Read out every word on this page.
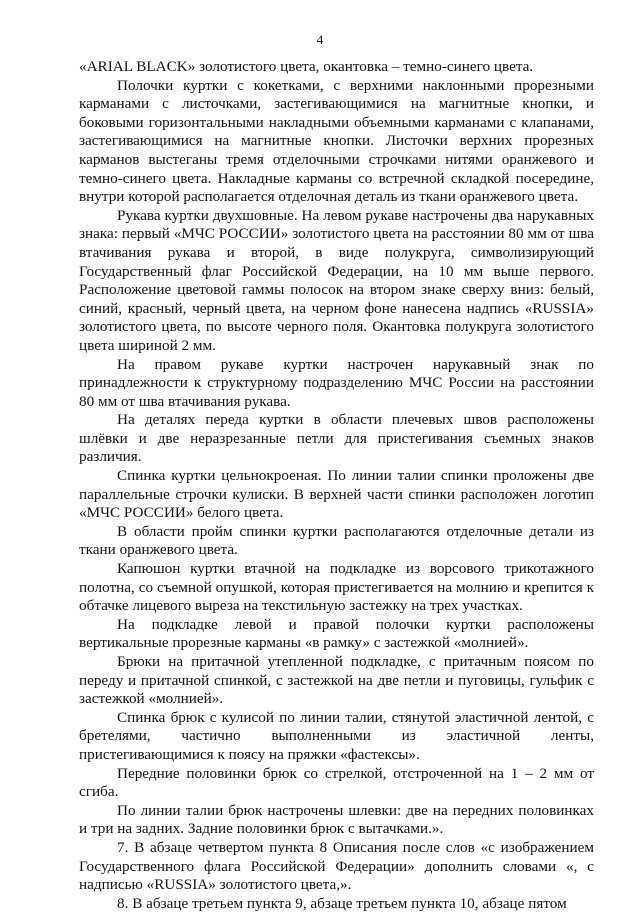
4

«ARIAL BLACK» золотистого цвета, окантовка – темно-синего цвета.

Полочки куртки с кокетками, с верхними наклонными прорезными карманами с листочками, застегивающимися на магнитные кнопки, и боковыми горизонтальными накладными объемными карманами с клапанами, застегивающимися на магнитные кнопки. Листочки верхних прорезных карманов выстеганы тремя отделочными строчками нитями оранжевого и темно-синего цвета. Накладные карманы со встречной складкой посередине, внутри которой располагается отделочная деталь из ткани оранжевого цвета.

Рукава куртки двухшовные. На левом рукаве настрочены два нарукавных знака: первый «МЧС РОССИИ» золотистого цвета на расстоянии 80 мм от шва втачивания рукава и второй, в виде полукруга, символизирующий Государственный флаг Российской Федерации, на 10 мм выше первого. Расположение цветовой гаммы полосок на втором знаке сверху вниз: белый, синий, красный, черный цвета, на черном фоне нанесена надпись «RUSSIA» золотистого цвета, по высоте черного поля. Окантовка полукруга золотистого цвета шириной 2 мм.

На правом рукаве куртки настрочен нарукавный знак по принадлежности к структурному подразделению МЧС России на расстоянии 80 мм от шва втачивания рукава.

На деталях переда куртки в области плечевых швов расположены шлёвки и две неразрезанные петли для пристегивания съемных знаков различия.

Спинка куртки цельнокроеная. По линии талии спинки проложены две параллельные строчки кулиски. В верхней части спинки расположен логотип «МЧС РОССИИ» белого цвета.

В области пройм спинки куртки располагаются отделочные детали из ткани оранжевого цвета.

Капюшон куртки втачной на подкладке из ворсового трикотажного полотна, со съемной опушкой, которая пристегивается на молнию и крепится к обтачке лицевого выреза на текстильную застежку на трех участках.

На подкладке левой и правой полочки куртки расположены вертикальные прорезные карманы «в рамку» с застежкой «молнией».

Брюки на притачной утепленной подкладке, с притачным поясом по переду и притачной спинкой, с застежкой на две петли и пуговицы, гульфик с застежкой «молнией».

Спинка брюк с кулисой по линии талии, стянутой эластичной лентой, с бретелями, частично выполненными из эластичной ленты, пристегивающимися к поясу на пряжки «фастексы».

Передние половинки брюк со стрелкой, отстроченной на 1 – 2 мм от сгиба.

По линии талии брюк настрочены шлевки: две на передних половинках и три на задних. Задние половинки брюк с вытачками.».

7. В абзаце четвертом пункта 8 Описания после слов «с изображением Государственного флага Российской Федерации» дополнить словами «, с надписью «RUSSIA» золотистого цвета,».

8. В абзаце третьем пункта 9, абзаце третьем пункта 10, абзаце пятом
